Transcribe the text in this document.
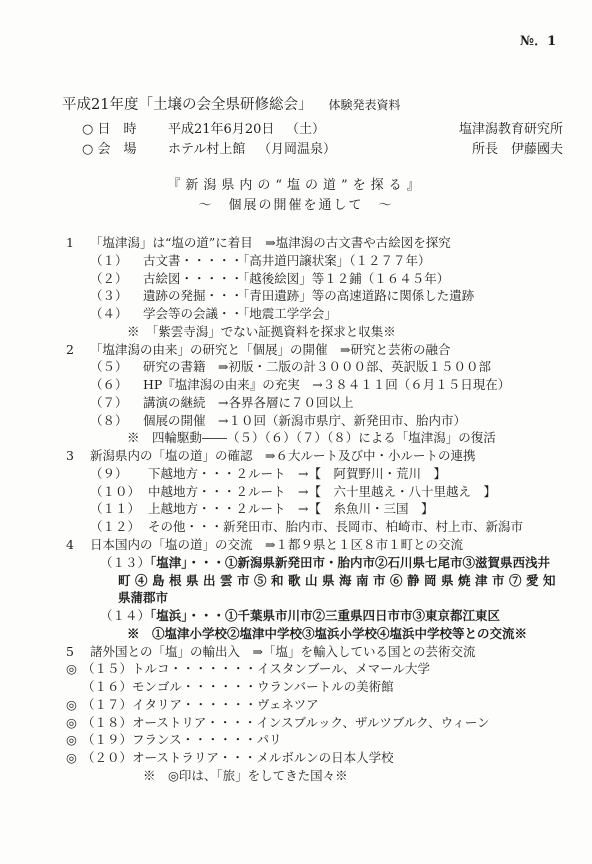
№．1
平成21年度「土壌の会全県研修総会」 体験発表資料
○ 日　時 平成21年6月20日 （土）	塩津潟教育研究所
○ 会　場 ホテル村上館 （月岡温泉）	所長　伊藤國夫
『新潟県内の“塩の道”を探る』
～　個展の開催を通して　～
1 「塩津潟」は“塩の道”に着目　⇒塩津潟の古文書や古絵図を探究
（１） 古文書・・・・・「高井道円譲状案」（１２７７年）
（２） 古絵図・・・・・「越後絵図」等１２鋪（１６４５年）
（３） 遺跡の発掘・・・「青田遺跡」等の高速道路に関係した遺跡
（４） 学会等の会議・・「地震工学学会」
※　「紫雲寺潟」でない証拠資料を探求と収集※
2 「塩津潟の由来」の研究と「個展」の開催　⇒研究と芸術の融合
（５） 研究の書籍　⇒初版・二版の計３０００部、英訳版１５００部
（６） HP『塩津潟の由来』の充実　→３８４１１回（６月１５日現在）
（７） 講演の継続　→各界各層に７０回以上
（８） 個展の開催　→１０回（新潟市県庁、新発田市、胎内市）
※　四輪駆動――（５）（６）（７）（８）による「塩津潟」の復活
3 新潟県内の「塩の道」の確認　⇒６大ルート及び中・小ルートの連携
（９） 下越地方・・・２ルート　→【　阿賀野川・荒川　】
（１０） 中越地方・・・２ルート　→【　六十里越え・八十里越え　】
（１１） 上越地方・・・２ルート　→【　糸魚川・三国　】
（１２） その他・・・新発田市、胎内市、長岡市、柏崎市、村上市、新潟市
4 日本国内の「塩の道」の交流　⇒１都９県と１区８市１町との交流
（１３）「塩津」・・・①新潟県新発田市・胎内市②石川県七尾市③滋賀県西浅井
町④島根県出雲市⑤和歌山県海南市⑥静岡県焼津市⑦愛知
県蒲郡市
（１４）「塩浜」・・・①千葉県市川市②三重県四日市市③東京都江東区
※　①塩津小学校②塩津中学校③塩浜小学校④塩浜中学校等との交流※
5 諸外国との「塩」の輸出入　⇒「塩」を輸入している国との芸術交流
◎ （１５）トルコ・・・・・・・イスタンブール、メマール大学
（１６）モンゴル・・・・・・ウランバートルの美術館
◎ （１７）イタリア・・・・・・ヴェネツア
◎ （１８）オーストリア・・・・インスブルック、ザルツブルク、ウィーン
◎ （１９）フランス・・・・・・パリ
◎ （２０）オーストラリア・・・メルボルンの日本人学校
※　◎印は、「旅」をしてきた国々※
